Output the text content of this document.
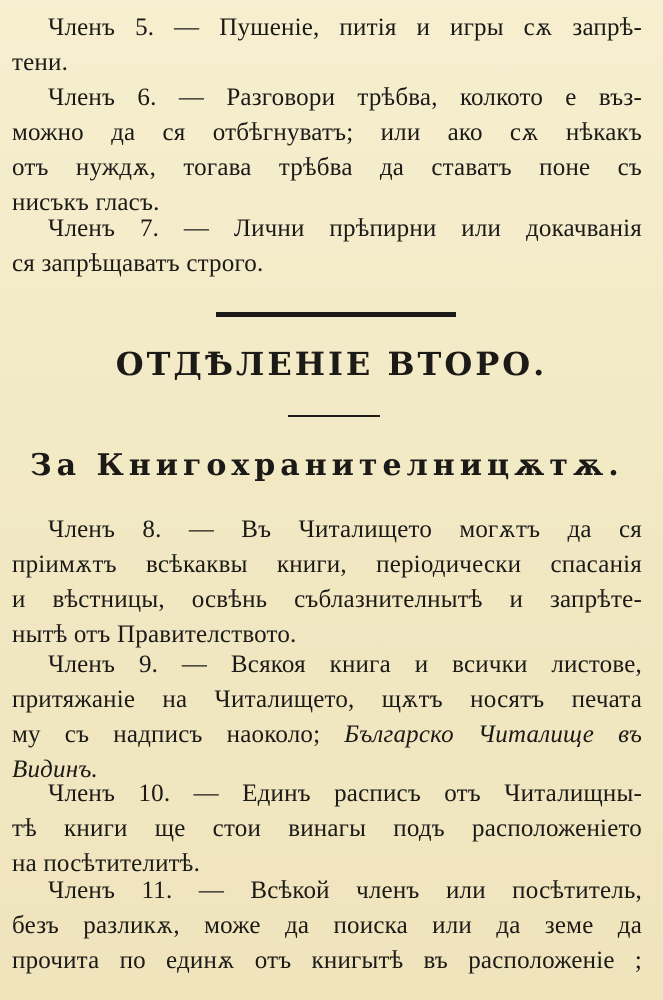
Членъ 5. — Пушеніе, питія и игры сѫ запрѣ-
тени.
Членъ 6. — Разговори трѣбва, колкото е въз-
можно да ся отбѣгнуватъ; или ако сѫ нѣкакъ
отъ нуждѫ, тогава трѣбва да ставатъ поне съ
нисъкъ гласъ.
Членъ 7. — Лични прѣпирни или докачванія
ся запрѣщаватъ строго.
ОТДѢЛЕНІЕ ВТОРО.
За Книгохранителницѫтѫ.
Членъ 8. — Въ Читалището могѫтъ да ся
пріимѫтъ всѣкаквы книги, періодически спасанія
и вѣстницы, освѣнь съблазнителнытѣ и запрѣте-
нытѣ отъ Правителството.
Членъ 9. — Всякоя книга и всички листове,
притяжаніе на Читалището, щѫтъ носятъ печата
му съ надписъ наоколо; Българско Читалище въ
Видинъ.
Членъ 10. — Единъ расписъ отъ Читалищны-
тѣ книги ще стои винагы подъ расположеніето
на посѣтителитѣ.
Членъ 11. — Всѣкой членъ или посѣтитель,
безъ разликѫ, може да поиска или да земе да
прочита по единѫ отъ книгытѣ въ расположеніе ;
